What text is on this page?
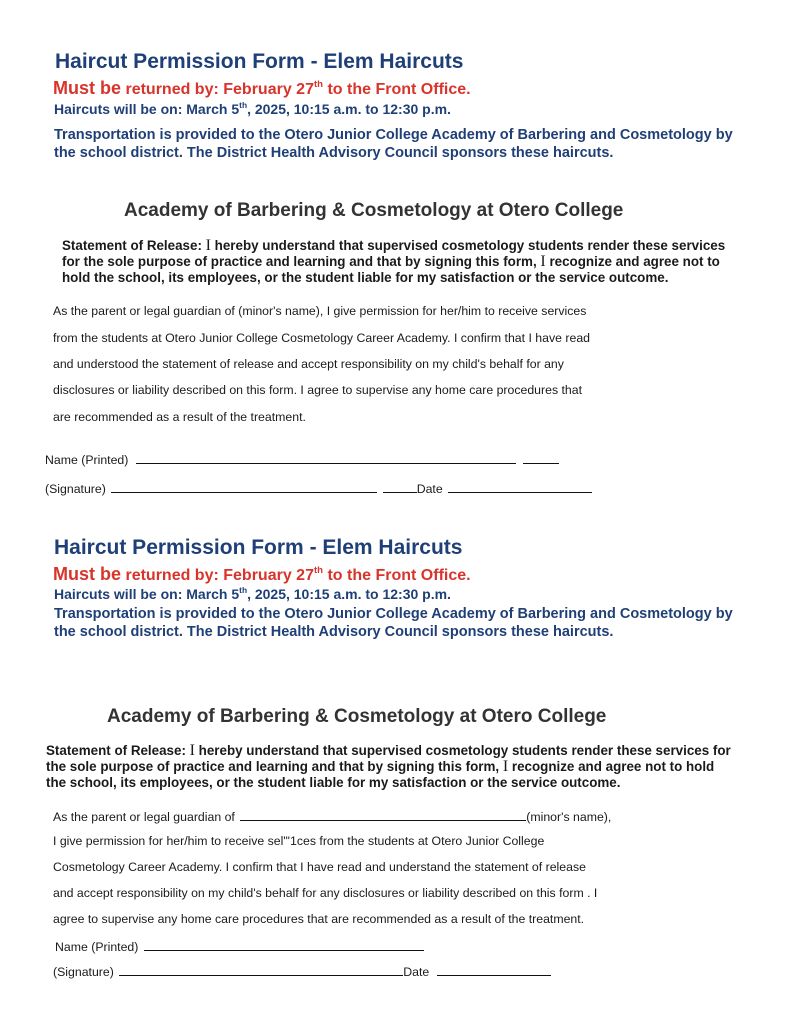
Haircut Permission Form - Elem Haircuts
Must be returned by: February 27th to the Front Office.
Haircuts will be on: March 5th, 2025, 10:15 a.m. to 12:30 p.m.
Transportation is provided to the Otero Junior College Academy of Barbering and Cosmetology by the school district. The District Health Advisory Council sponsors these haircuts.
Academy of Barbering & Cosmetology at Otero College
Statement of Release: I hereby understand that supervised cosmetology students render these services for the sole purpose of practice and learning and that by signing this form, I recognize and agree not to hold the school, its employees, or the student liable for my satisfaction or the service outcome.
As the parent or legal guardian of (minor's name), I give permission for her/him to receive services
from the students at Otero Junior College Cosmetology Career Academy. I confirm that I have read
and understood the statement of release and accept responsibility on my child's behalf for any
disclosures or liability described on this form. I agree to supervise any home care procedures that
are recommended as a result of the treatment.
Name (Printed)
(Signature)	Date
Haircut Permission Form - Elem Haircuts
Must be returned by: February 27th to the Front Office.
Haircuts will be on: March 5th, 2025, 10:15 a.m. to 12:30 p.m.
Transportation is provided to the Otero Junior College Academy of Barbering and Cosmetology by the school district. The District Health Advisory Council sponsors these haircuts.
Academy of Barbering & Cosmetology at Otero College
Statement of Release: I hereby understand that supervised cosmetology students render these services for the sole purpose of practice and learning and that by signing this form, I recognize and agree not to hold the school, its employees, or the student liable for my satisfaction or the service outcome.
As the parent or legal guardian of	(minor's name),
I give permission for her/him to receive sel"'1ces from the students at Otero Junior College
Cosmetology Career Academy. I confirm that I have read and understand the statement of release
and accept responsibility on my child's behalf for any disclosures or liability described on this form . I
agree to supervise any home care procedures that are recommended as a result of the treatment.
Name (Printed)
(Signature)	Date
